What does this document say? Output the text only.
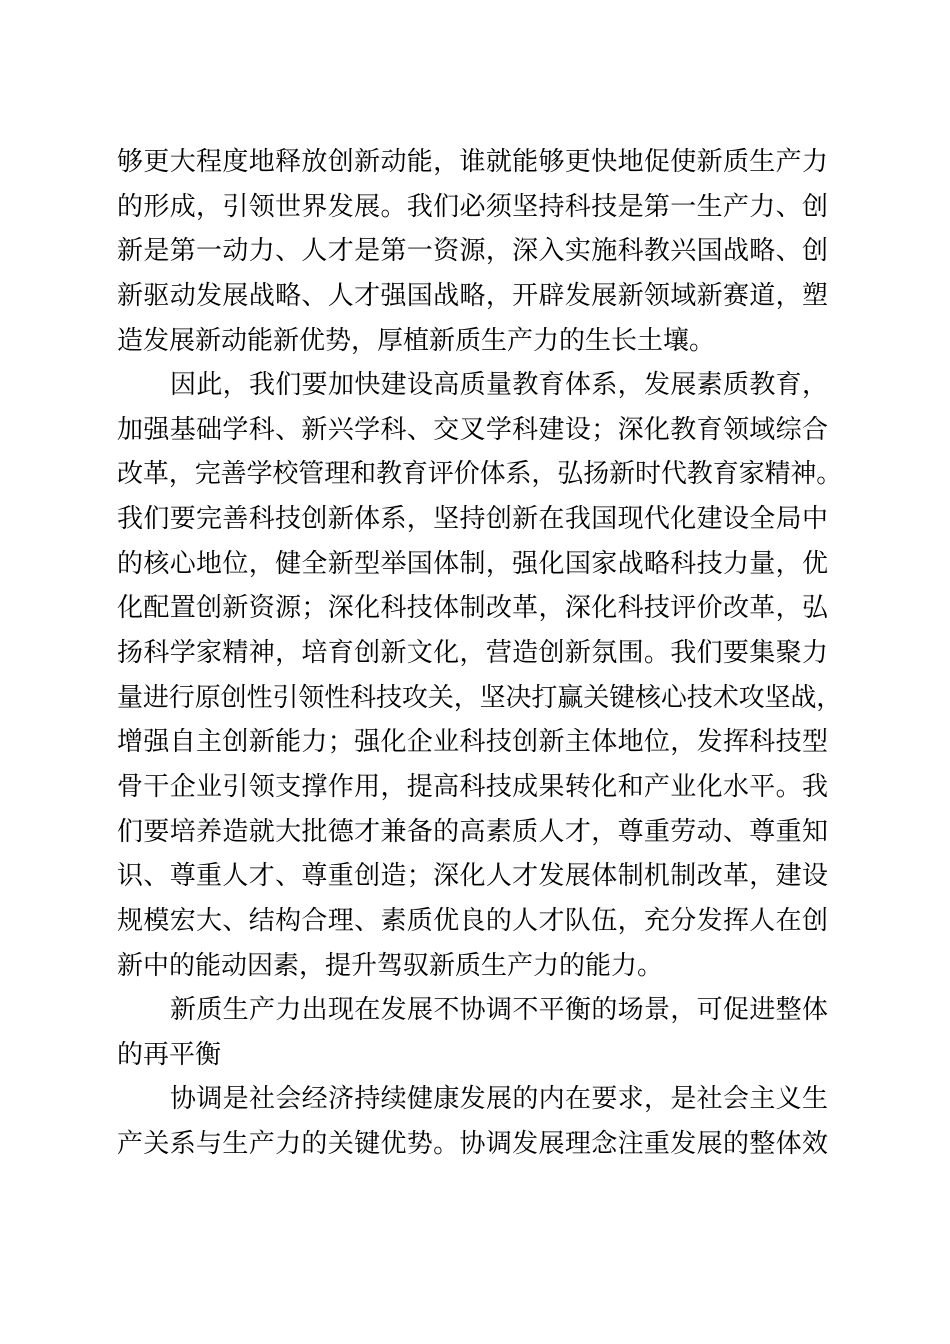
够更大程度地释放创新动能，谁就能够更快地促使新质生产力
的形成，引领世界发展。我们必须坚持科技是第一生产力、创
新是第一动力、人才是第一资源，深入实施科教兴国战略、创
新驱动发展战略、人才强国战略，开辟发展新领域新赛道，塑
造发展新动能新优势，厚植新质生产力的生长土壤。
因此，我们要加快建设高质量教育体系，发展素质教育，
加强基础学科、新兴学科、交叉学科建设；深化教育领域综合
改革，完善学校管理和教育评价体系，弘扬新时代教育家精神。
我们要完善科技创新体系，坚持创新在我国现代化建设全局中
的核心地位，健全新型举国体制，强化国家战略科技力量，优
化配置创新资源；深化科技体制改革，深化科技评价改革，弘
扬科学家精神，培育创新文化，营造创新氛围。我们要集聚力
量进行原创性引领性科技攻关，坚决打赢关键核心技术攻坚战，
增强自主创新能力；强化企业科技创新主体地位，发挥科技型
骨干企业引领支撑作用，提高科技成果转化和产业化水平。我
们要培养造就大批德才兼备的高素质人才，尊重劳动、尊重知
识、尊重人才、尊重创造；深化人才发展体制机制改革，建设
规模宏大、结构合理、素质优良的人才队伍，充分发挥人在创
新中的能动因素，提升驾驭新质生产力的能力。
新质生产力出现在发展不协调不平衡的场景，可促进整体
的再平衡
协调是社会经济持续健康发展的内在要求，是社会主义生
产关系与生产力的关键优势。协调发展理念注重发展的整体效
